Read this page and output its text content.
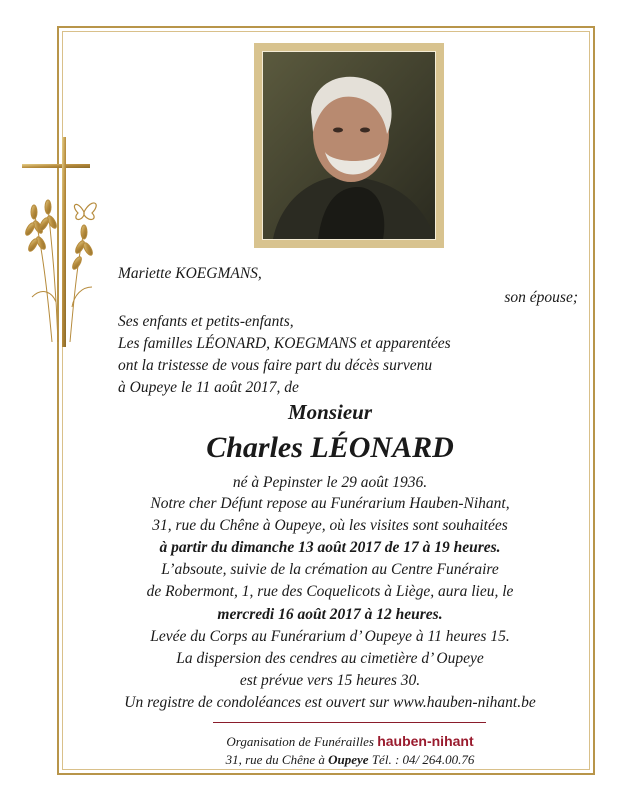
Mariette KOEGMANS,
son épouse;
Ses enfants et petits-enfants,
Les familles LÉONARD, KOEGMANS et apparentées
ont la tristesse de vous faire part du décès survenu
à Oupeye le 11 août 2017, de
Monsieur
Charles LÉONARD
né à Pepinster le 29 août 1936.
Notre cher Défunt repose au Funérarium Hauben-Nihant,
31, rue du Chêne à Oupeye, où les visites sont souhaitées
à partir du dimanche 13 août 2017 de 17 à 19 heures.
L’absoute, suivie de la crémation au Centre Funéraire
de Robermont, 1, rue des Coquelicots à Liège, aura lieu, le
mercredi 16 août 2017 à 12 heures.
Levée du Corps au Funérarium d’ Oupeye à 11 heures 15.
La dispersion des cendres au cimetière d’ Oupeye
est prévue vers 15 heures 30.
Un registre de condoléances est ouvert sur www.hauben-nihant.be
Organisation de Funérailles hauben-nihant
31, rue du Chêne à Oupeye Tél. : 04/ 264.00.76
